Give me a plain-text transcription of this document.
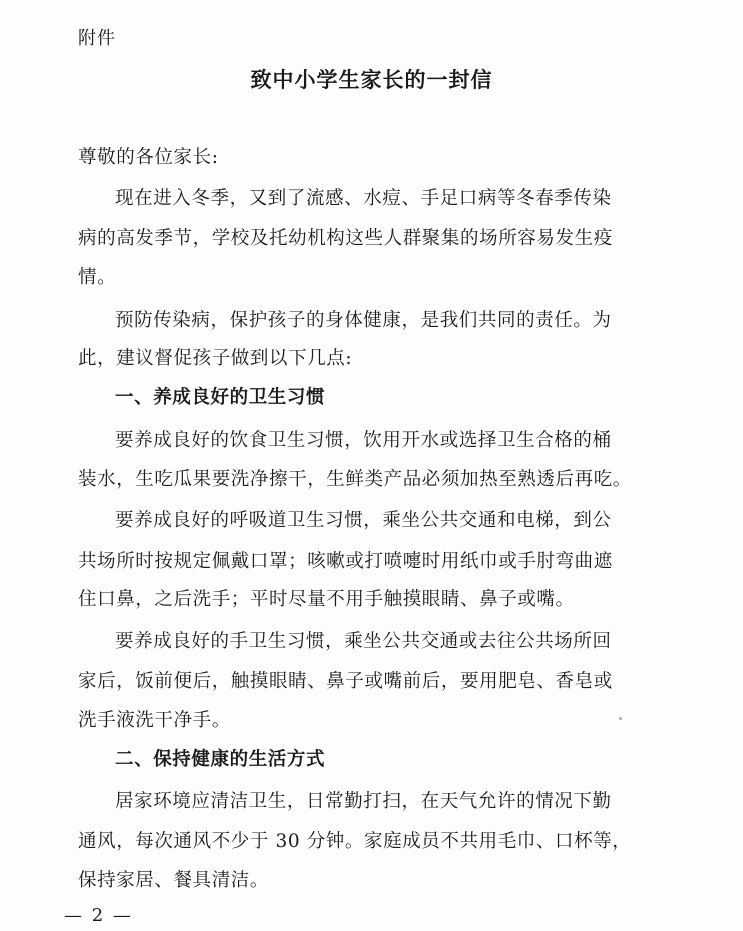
附件
致中小学生家长的一封信
尊敬的各位家长:
现在进入冬季，又到了流感、水痘、手足口病等冬春季传染
病的高发季节，学校及托幼机构这些人群聚集的场所容易发生疫
情。
预防传染病，保护孩子的身体健康，是我们共同的责任。为
此，建议督促孩子做到以下几点:
一、养成良好的卫生习惯
要养成良好的饮食卫生习惯，饮用开水或选择卫生合格的桶
装水，生吃瓜果要洗净擦干，生鲜类产品必须加热至熟透后再吃。
要养成良好的呼吸道卫生习惯，乘坐公共交通和电梯，到公
共场所时按规定佩戴口罩；咳嗽或打喷嚏时用纸巾或手肘弯曲遮
住口鼻，之后洗手；平时尽量不用手触摸眼睛、鼻子或嘴。
要养成良好的手卫生习惯，乘坐公共交通或去往公共场所回
家后，饭前便后，触摸眼睛、鼻子或嘴前后，要用肥皂、香皂或
洗手液洗干净手。
二、保持健康的生活方式
居家环境应清洁卫生，日常勤打扫，在天气允许的情况下勤
通风，每次通风不少于 30 分钟。家庭成员不共用毛巾、口杯等，
保持家居、餐具清洁。
— 2 —
